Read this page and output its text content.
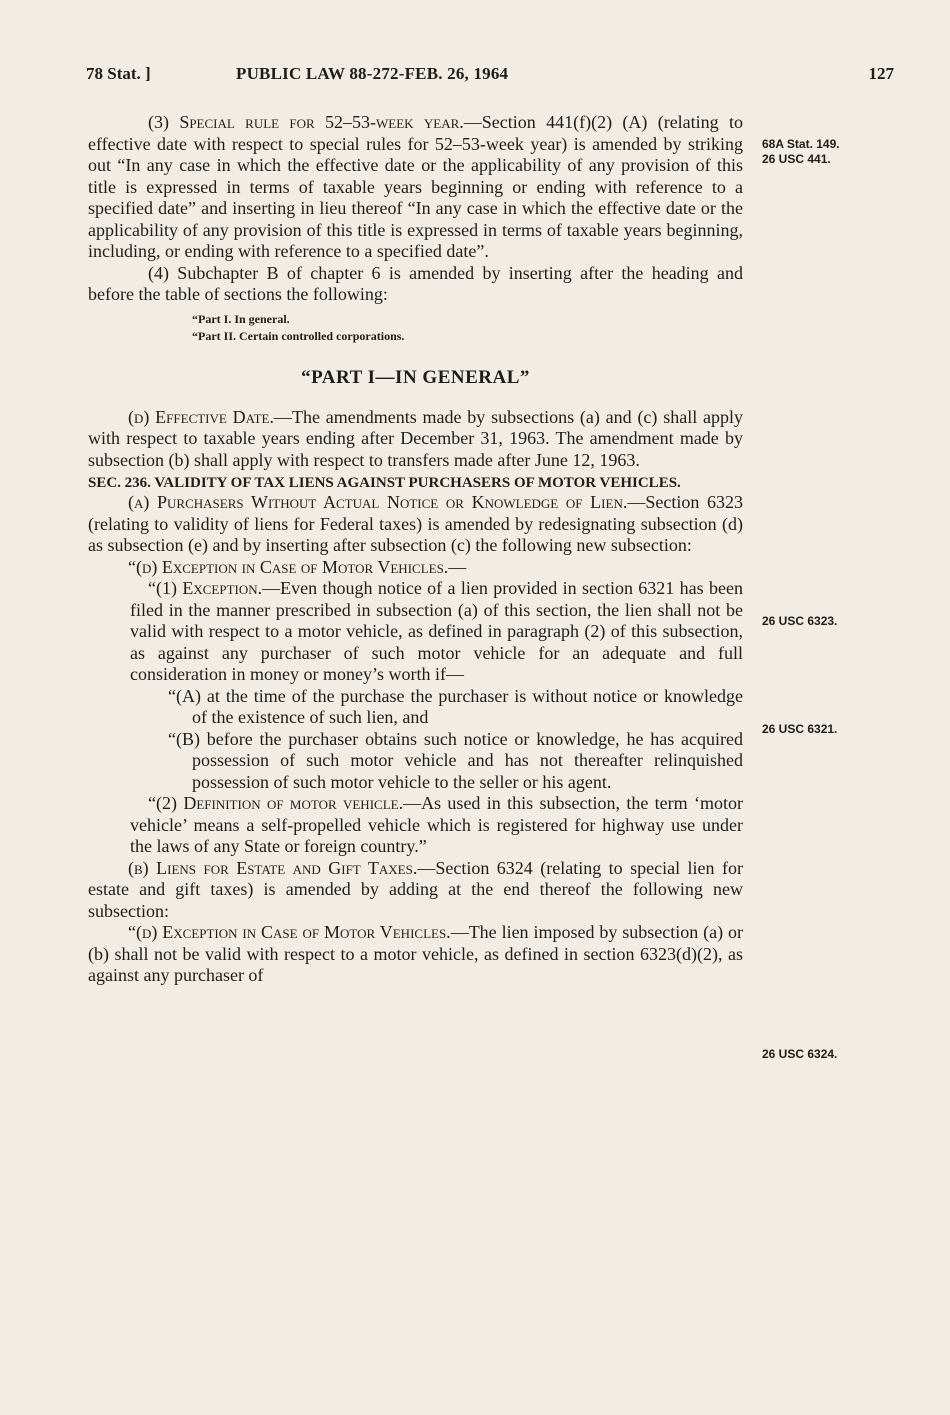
78 Stat. ]	PUBLIC LAW 88-272-FEB. 26, 1964	127

(3) Special rule for 52–53-week year.—Section 441(f)(2) (A) (relating to effective date with respect to special rules for 52–53-week year) is amended by striking out “In any case in which the effective date or the applicability of any provision of this title is expressed in terms of taxable years beginning or ending with reference to a specified date” and inserting in lieu thereof “In any case in which the effective date or the applicability of any provision of this title is expressed in terms of taxable years beginning, including, or ending with reference to a specified date”.

(4) Subchapter B of chapter 6 is amended by inserting after the heading and before the table of sections the following:

“Part I. In general.
“Part II. Certain controlled corporations.
“PART I—IN GENERAL”

(d) Effective Date.—The amendments made by subsections (a) and (c) shall apply with respect to taxable years ending after December 31, 1963. The amendment made by subsection (b) shall apply with respect to transfers made after June 12, 1963.

SEC. 236. VALIDITY OF TAX LIENS AGAINST PURCHASERS OF MOTOR VEHICLES.

(a) Purchasers Without Actual Notice or Knowledge of Lien.—Section 6323 (relating to validity of liens for Federal taxes) is amended by redesignating subsection (d) as subsection (e) and by inserting after subsection (c) the following new subsection:

“(d) Exception in Case of Motor Vehicles.—

“(1) Exception.—Even though notice of a lien provided in section 6321 has been filed in the manner prescribed in subsection (a) of this section, the lien shall not be valid with respect to a motor vehicle, as defined in paragraph (2) of this subsection, as against any purchaser of such motor vehicle for an adequate and full consideration in money or money’s worth if—

“(A) at the time of the purchase the purchaser is without notice or knowledge of the existence of such lien, and

“(B) before the purchaser obtains such notice or knowledge, he has acquired possession of such motor vehicle and has not thereafter relinquished possession of such motor vehicle to the seller or his agent.

“(2) Definition of motor vehicle.—As used in this subsection, the term ‘motor vehicle’ means a self-propelled vehicle which is registered for highway use under the laws of any State or foreign country.”

(b) Liens for Estate and Gift Taxes.—Section 6324 (relating to special lien for estate and gift taxes) is amended by adding at the end thereof the following new subsection:

“(d) Exception in Case of Motor Vehicles.—The lien imposed by subsection (a) or (b) shall not be valid with respect to a motor vehicle, as defined in section 6323(d)(2), as against any purchaser of

68A Stat. 149.
26 USC 441.
26 USC 6323.
26 USC 6321.
26 USC 6324.
